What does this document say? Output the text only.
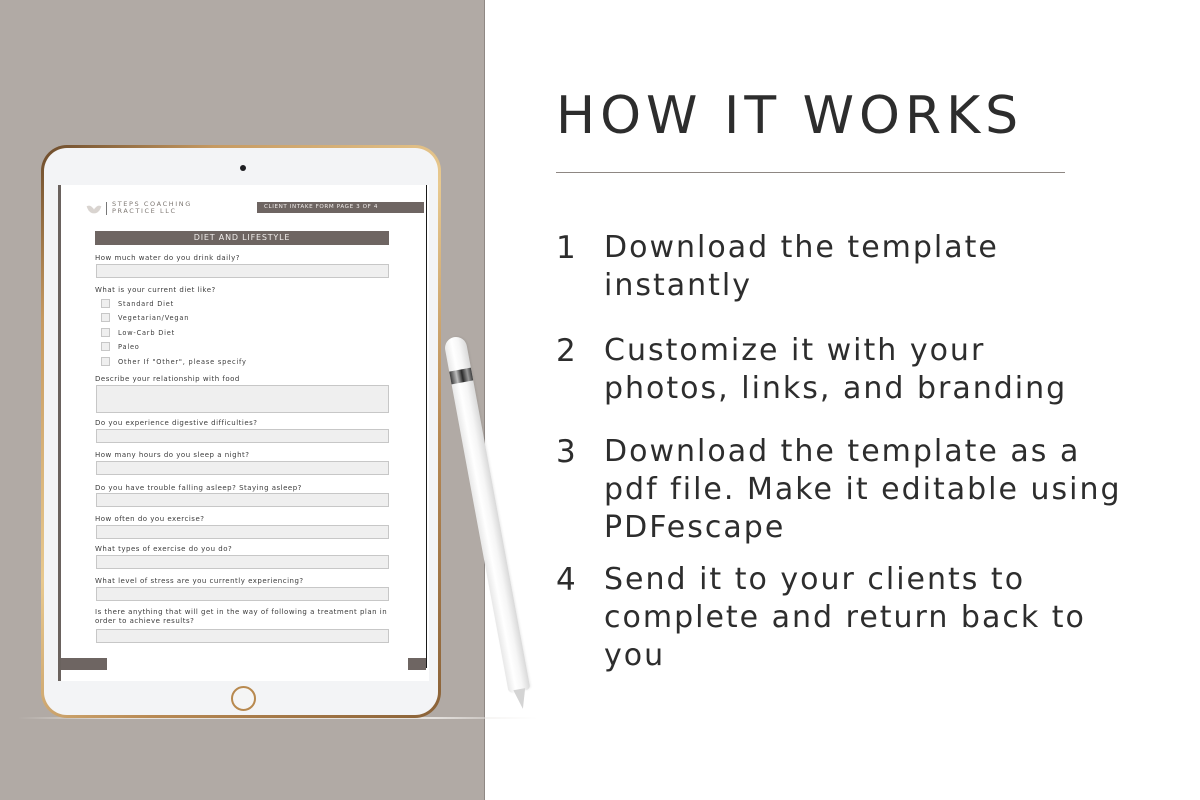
STEPS COACHING
PRACTICE LLC	CLIENT INTAKE FORM PAGE 3 OF 4
DIET AND LIFESTYLE
How much water do you drink daily?
What is your current diet like?
Standard Diet
Vegetarian/Vegan
Low-Carb Diet
Paleo
Other If "Other", please specify
Describe your relationship with food
Do you experience digestive difficulties?
How many hours do you sleep a night?
Do you have trouble falling asleep? Staying asleep?
How often do you exercise?
What types of exercise do you do?
What level of stress are you currently experiencing?
Is there anything that will get in the way of following a treatment plan in order to achieve results?
HOW IT WORKS
1 Download the template instantly
2 Customize it with your photos, links, and branding
3 Download the template as a pdf file. Make it editable using PDFescape
4 Send it to your clients to complete and return back to you
